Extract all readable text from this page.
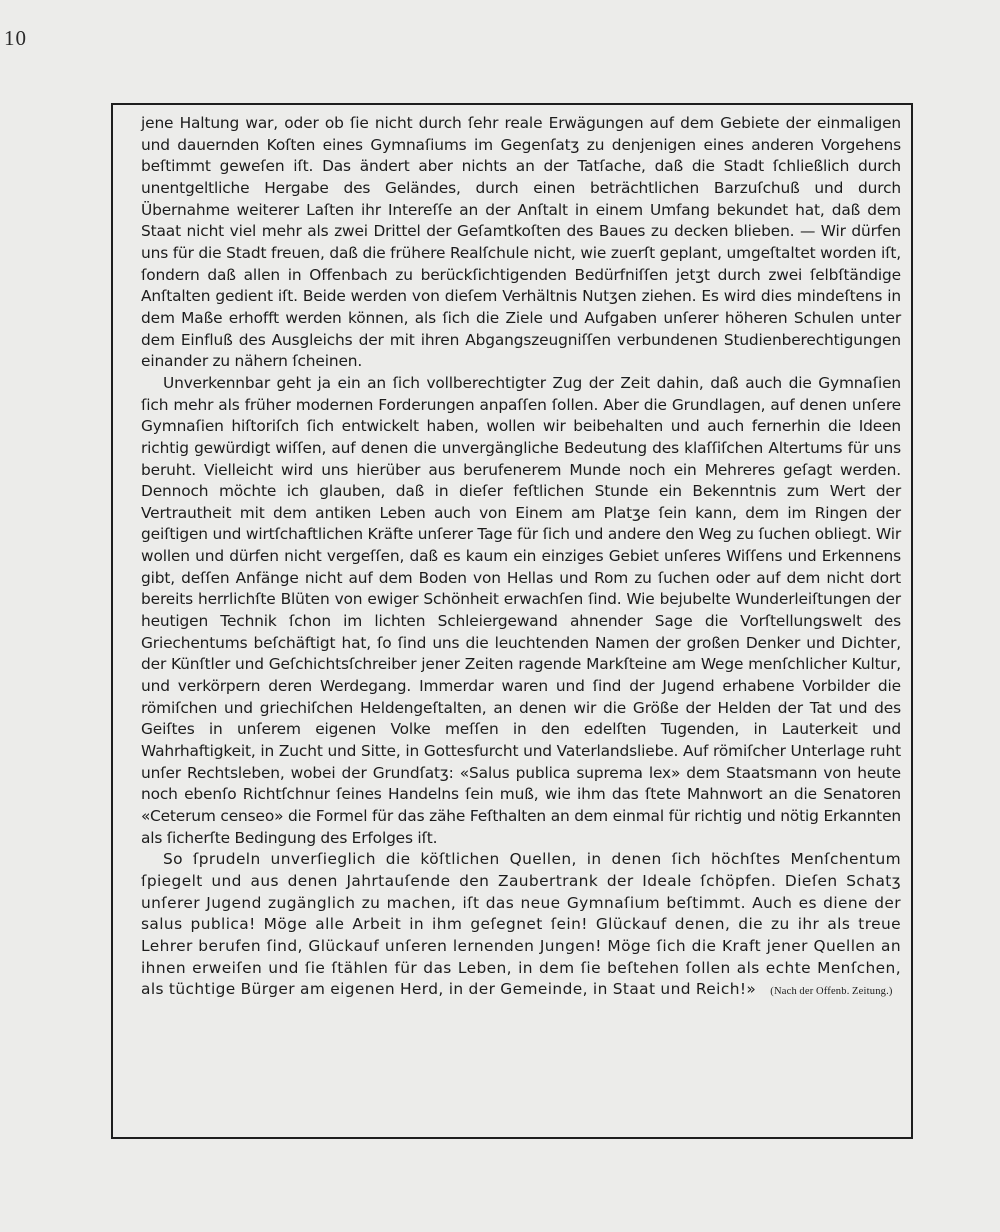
10

jene Haltung war, oder ob ſie nicht durch ſehr reale Erwägungen auf dem Gebiete der einmaligen und dauernden Koſten eines Gymnaſiums im Gegenſatʒ zu denjenigen eines anderen Vorgehens beſtimmt geweſen iſt. Das ändert aber nichts an der Tatſache, daß die Stadt ſchließlich durch unentgeltliche Hergabe des Geländes, durch einen beträchtlichen Barzuſchuß und durch Übernahme weiterer Laſten ihr Intereſſe an der Anſtalt in einem Umfang bekundet hat, daß dem Staat nicht viel mehr als zwei Drittel der Geſamtkoſten des Baues zu decken blieben. — Wir dürfen uns für die Stadt freuen, daß die frühere Realſchule nicht, wie zuerſt geplant, umgeſtaltet worden iſt, ſondern daß allen in Offenbach zu berückſichtigenden Bedürfniſſen jetʒt durch zwei ſelbſtändige Anſtalten gedient iſt. Beide werden von dieſem Verhältnis Nutʒen ziehen. Es wird dies mindeſtens in dem Maße erhofft werden können, als ſich die Ziele und Aufgaben unſerer höheren Schulen unter dem Einfluß des Ausgleichs der mit ihren Abgangszeugniſſen verbundenen Studienberechtigungen einander zu nähern ſcheinen.

Unverkennbar geht ja ein an ſich vollberechtigter Zug der Zeit dahin, daß auch die Gymnaſien ſich mehr als früher modernen Forderungen anpaſſen ſollen. Aber die Grundlagen, auf denen unſere Gymnaſien hiſtoriſch ſich entwickelt haben, wollen wir beibehalten und auch fernerhin die Ideen richtig gewürdigt wiſſen, auf denen die unvergängliche Bedeutung des klaſſiſchen Altertums für uns beruht. Vielleicht wird uns hierüber aus berufenerem Munde noch ein Mehreres geſagt werden. Dennoch möchte ich glauben, daß in dieſer feſtlichen Stunde ein Bekenntnis zum Wert der Vertrautheit mit dem antiken Leben auch von Einem am Platʒe ſein kann, dem im Ringen der geiſtigen und wirtſchaftlichen Kräfte unſerer Tage für ſich und andere den Weg zu ſuchen obliegt. Wir wollen und dürfen nicht vergeſſen, daß es kaum ein einziges Gebiet unſeres Wiſſens und Erkennens gibt, deſſen Anfänge nicht auf dem Boden von Hellas und Rom zu ſuchen oder auf dem nicht dort bereits herrlichſte Blüten von ewiger Schönheit erwachſen ſind. Wie bejubelte Wunderleiſtungen der heutigen Technik ſchon im lichten Schleiergewand ahnender Sage die Vorſtellungswelt des Griechentums beſchäftigt hat, ſo ſind uns die leuchtenden Namen der großen Denker und Dichter, der Künſtler und Geſchichtsſchreiber jener Zeiten ragende Markſteine am Wege menſchlicher Kultur, und verkörpern deren Werdegang. Immerdar waren und ſind der Jugend erhabene Vorbilder die römiſchen und griechiſchen Heldengeſtalten, an denen wir die Größe der Helden der Tat und des Geiſtes in unſerem eigenen Volke meſſen in den edelſten Tugenden, in Lauterkeit und Wahrhaftigkeit, in Zucht und Sitte, in Gottesfurcht und Vaterlandsliebe. Auf römiſcher Unterlage ruht unſer Rechtsleben, wobei der Grundſatʒ: «Salus publica suprema lex» dem Staatsmann von heute noch ebenſo Richtſchnur ſeines Handelns ſein muß, wie ihm das ſtete Mahnwort an die Senatoren «Ceterum censeo» die Formel für das zähe Feſthalten an dem einmal für richtig und nötig Erkannten als ſicherſte Bedingung des Erfolges iſt.

So ſprudeln unverſieglich die köſtlichen Quellen, in denen ſich höchſtes Menſchentum ſpiegelt und aus denen Jahrtauſende den Zaubertrank der Ideale ſchöpfen. Dieſen Schatʒ unſerer Jugend zugänglich zu machen, iſt das neue Gymnaſium beſtimmt. Auch es diene der salus publica! Möge alle Arbeit in ihm geſegnet ſein! Glückauf denen, die zu ihr als treue Lehrer berufen ſind, Glückauf unſeren lernenden Jungen! Möge ſich die Kraft jener Quellen an ihnen erweiſen und ſie ſtählen für das Leben, in dem ſie beſtehen ſollen als echte Menſchen, als tüchtige Bürger am eigenen Herd, in der Gemeinde, in Staat und Reich!» (Nach der Offenb. Zeitung.)
